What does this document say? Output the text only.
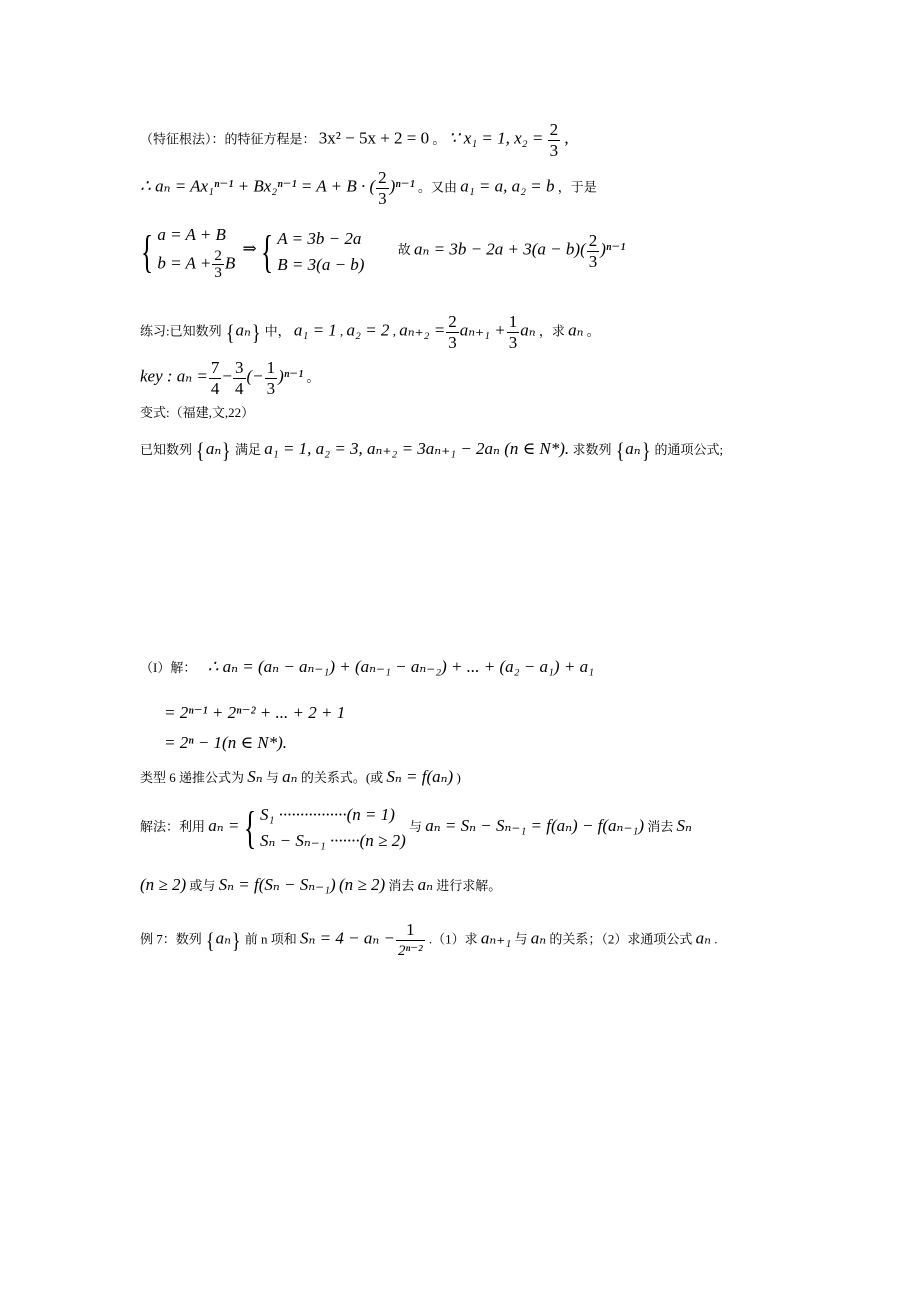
（特征根法）：的特征方程是： 3x² − 5x + 2 = 0 。 ∵ x₁ = 1, $x_2 = \frac{2}{3}$ ,
∴ aₙ = Ax₁ⁿ⁻¹ + Bx₂ⁿ⁻¹ = A + B · ( $\frac{2}{3} )^{n-1}$ 。又由 a₁ = a, a₂ = b ，于是
{ a = A + B
$b = A + \frac{2}{3}$ B
⇒ { A = 3b − 2a
B = 3(a − b)
故 $a_n = 3b - 2a + 3(a - b)( \frac{2}{3} )^{n-1}$
练习:已知数列 {aₙ} 中， a₁ = 1 , a₂ = 2 , $a_{n+2} = \frac{2}{3} a_{n+1} + \frac{1}{3}$ aₙ ，求 aₙ 。
key : $a_n = \frac{7}{4} - \frac{3}{4}$ (− $\frac{1}{3} )^{n-1}$ 。
变式:（福建,文,22）
已知数列 {aₙ} 满足 a₁ = 1, a₂ = 3, aₙ₊₂ = 3aₙ₊₁ − 2aₙ (n ∈ N*). 求数列 {aₙ} 的通项公式;
（I）解： ∴ aₙ = (aₙ − aₙ₋₁) + (aₙ₋₁ − aₙ₋₂) + ... + (a₂ − a₁) + a₁
= 2ⁿ⁻¹ + 2ⁿ⁻² + ... + 2 + 1
= 2ⁿ − 1(n ∈ N*).
类型 6 递推公式为 Sₙ 与 aₙ 的关系式。(或 Sₙ = f(aₙ) )
解法：利用 aₙ = { S₁ ················(n = 1)
Sₙ − Sₙ₋₁ ·······(n ≥ 2)
与 aₙ = Sₙ − Sₙ₋₁ = f(aₙ) − f(aₙ₋₁) 消去 Sₙ
(n ≥ 2) 或与 Sₙ = f(Sₙ − Sₙ₋₁) (n ≥ 2) 消去 aₙ 进行求解。
例 7：数列 {aₙ} 前 n 项和 $S_n = 4 - a_n - \frac{1}{\text{2ⁿ⁻²}} .(1)$求 aₙ₊₁ 与 aₙ 的关系；（2）求通项公式 aₙ .
